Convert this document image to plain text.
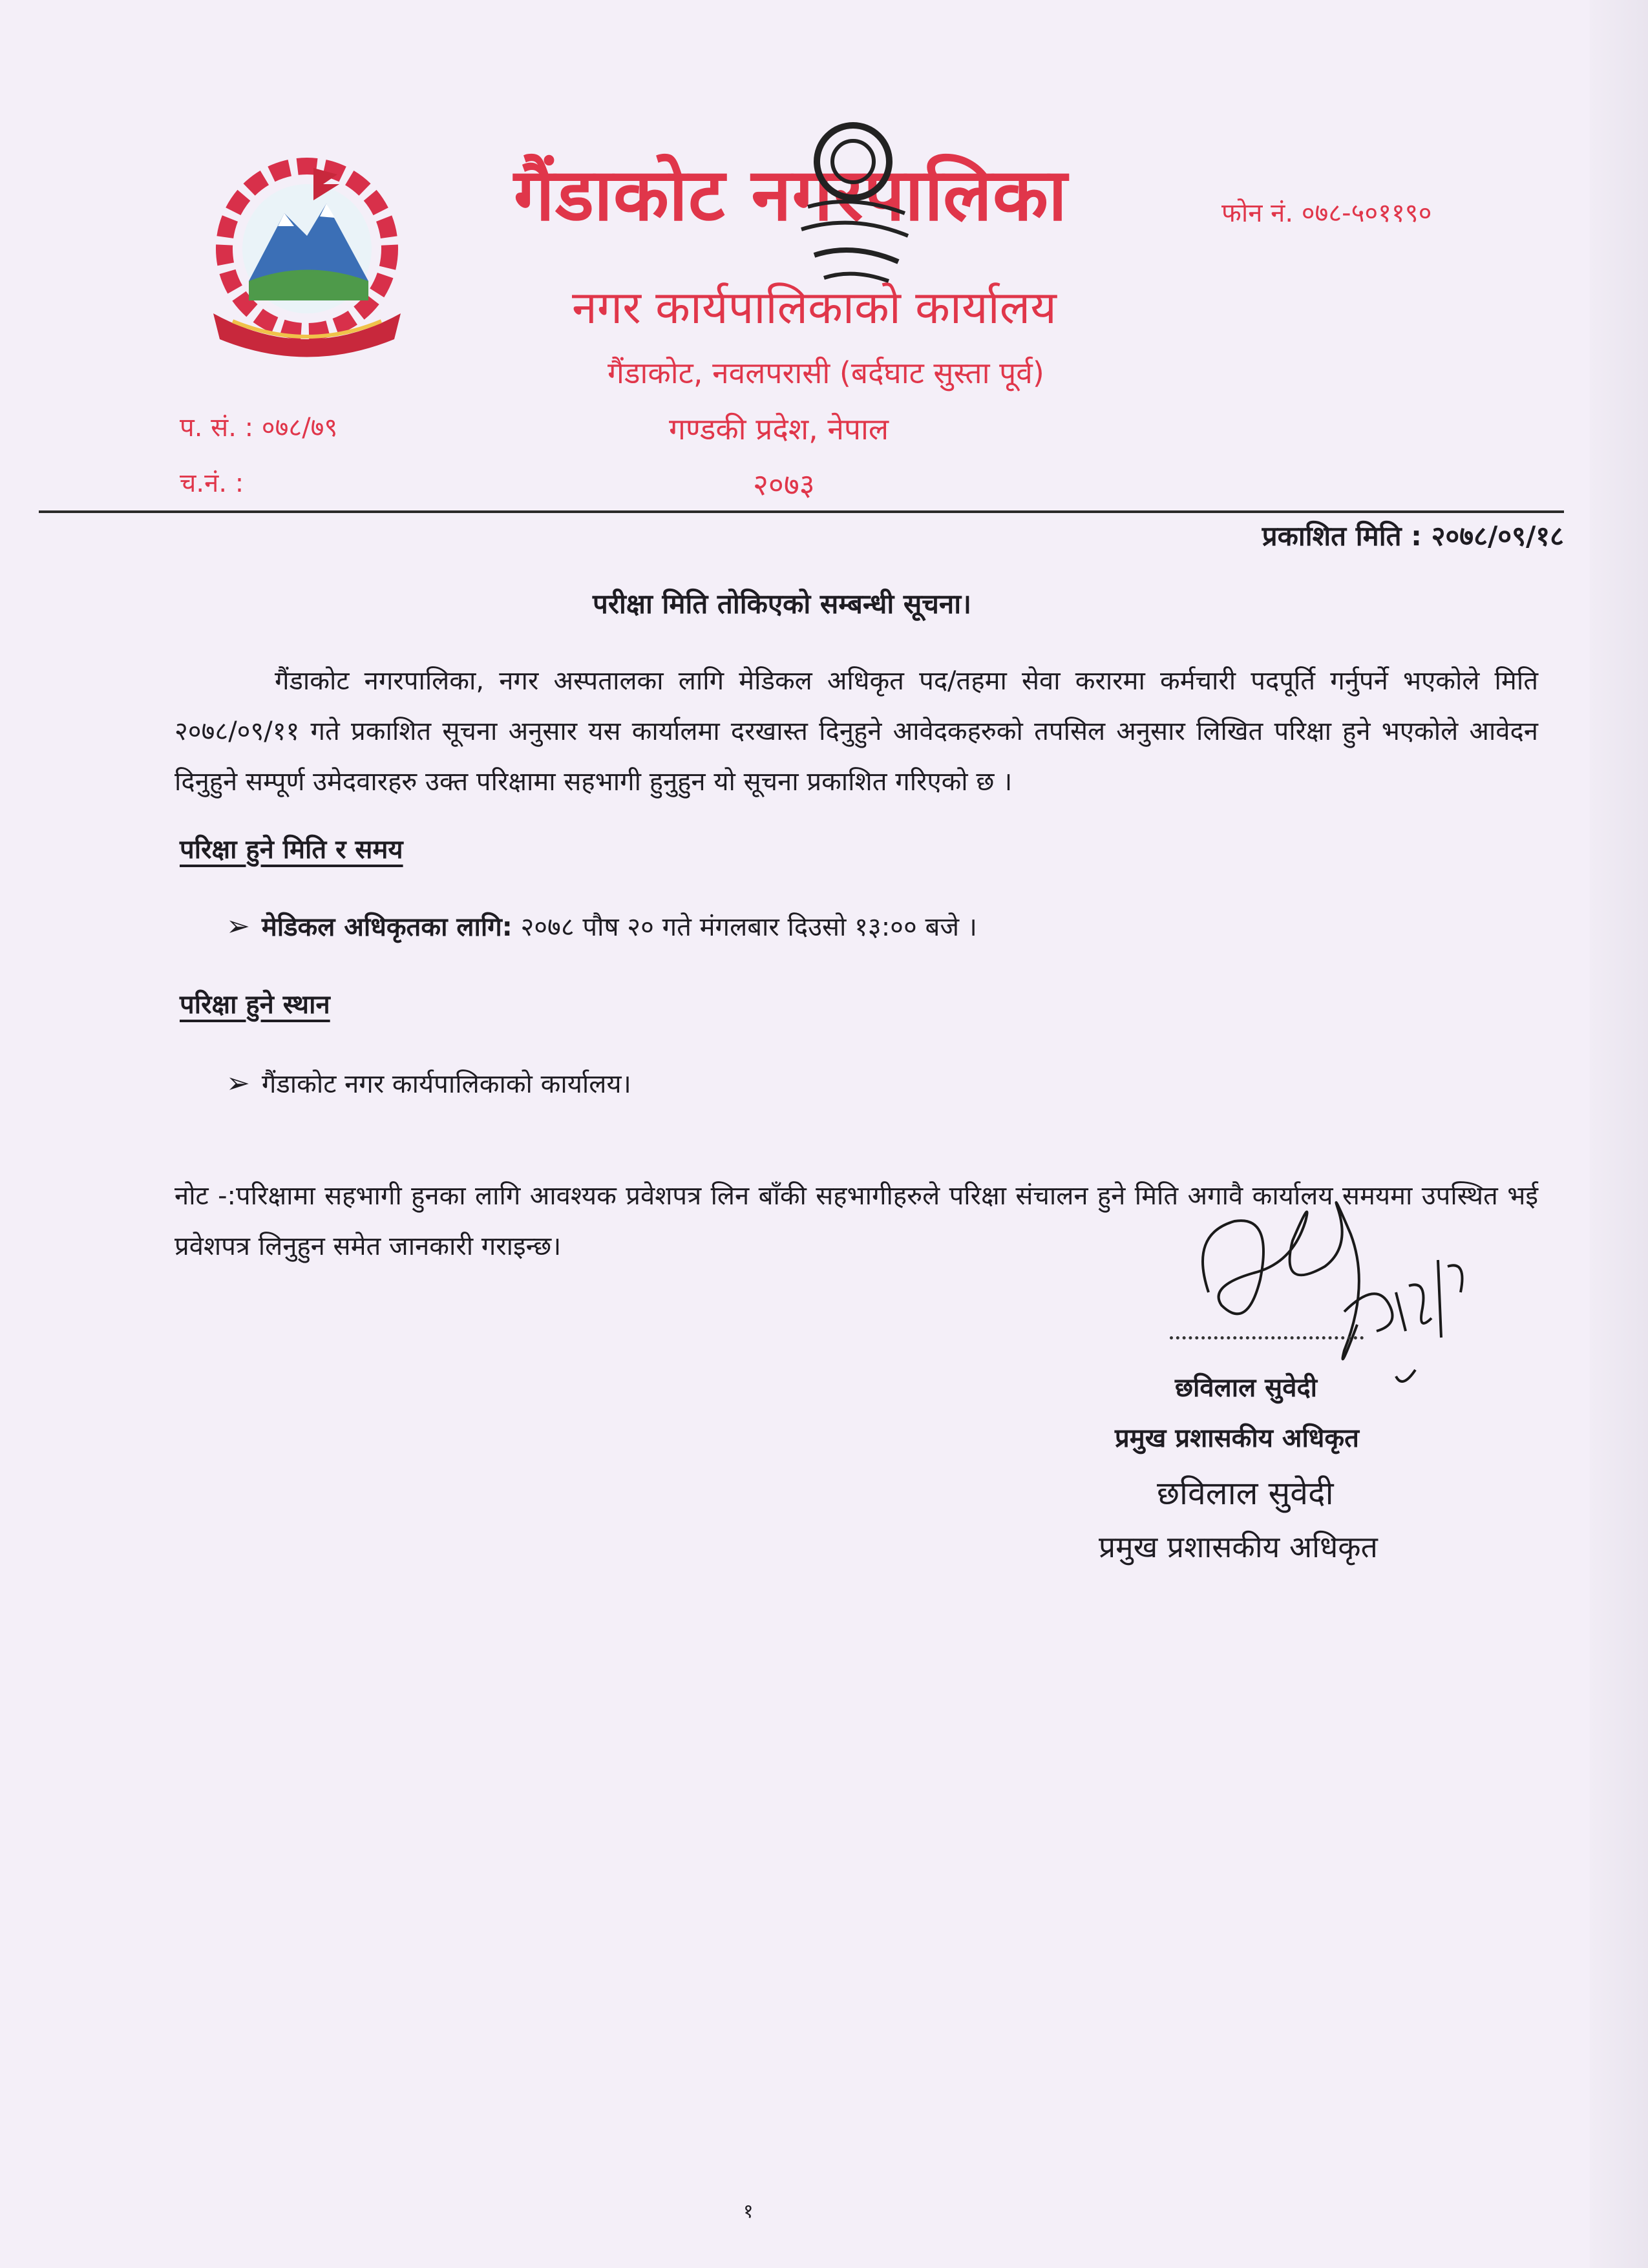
गैंडाकोट नगरपालिका	फोन नं. ०७८-५०११९०
नगर कार्यपालिकाको कार्यालय
गैंडाकोट, नवलपरासी (बर्दघाट सुस्ता पूर्व)
प. सं. : ०७८/७९	गण्डकी प्रदेश, नेपाल
च.नं. :	२०७३
प्रकाशित मिति : २०७८/०९/१८
परीक्षा मिति तोकिएको सम्बन्धी सूचना।
गैंडाकोट नगरपालिका, नगर अस्पतालका लागि मेडिकल अधिकृत पद/तहमा सेवा करारमा कर्मचारी पदपूर्ति गर्नुपर्ने भएकोले मिति २०७८/०९/११ गते प्रकाशित सूचना अनुसार यस कार्यालमा दरखास्त दिनुहुने आवेदकहरुको तपसिल अनुसार लिखित परिक्षा हुने भएकोले आवेदन दिनुहुने सम्पूर्ण उमेदवारहरु उक्त परिक्षामा सहभागी हुनुहुन यो सूचना प्रकाशित गरिएको छ ।
परिक्षा हुने मिति र समय
➢ मेडिकल अधिकृतका लागि: २०७८ पौष २० गते मंगलबार दिउसो १३:०० बजे ।
परिक्षा हुने स्थान
➢ गैंडाकोट नगर कार्यपालिकाको कार्यालय।
नोट -:परिक्षामा सहभागी हुनका लागि आवश्यक प्रवेशपत्र लिन बाँकी सहभागीहरुले परिक्षा संचालन हुने मिति अगावै कार्यालय समयमा उपस्थित भई प्रवेशपत्र लिनुहुन समेत जानकारी गराइन्छ।
छविलाल सुवेदी
प्रमुख प्रशासकीय अधिकृत
छविलाल सुवेदी
प्रमुख प्रशासकीय अधिकृत
१
